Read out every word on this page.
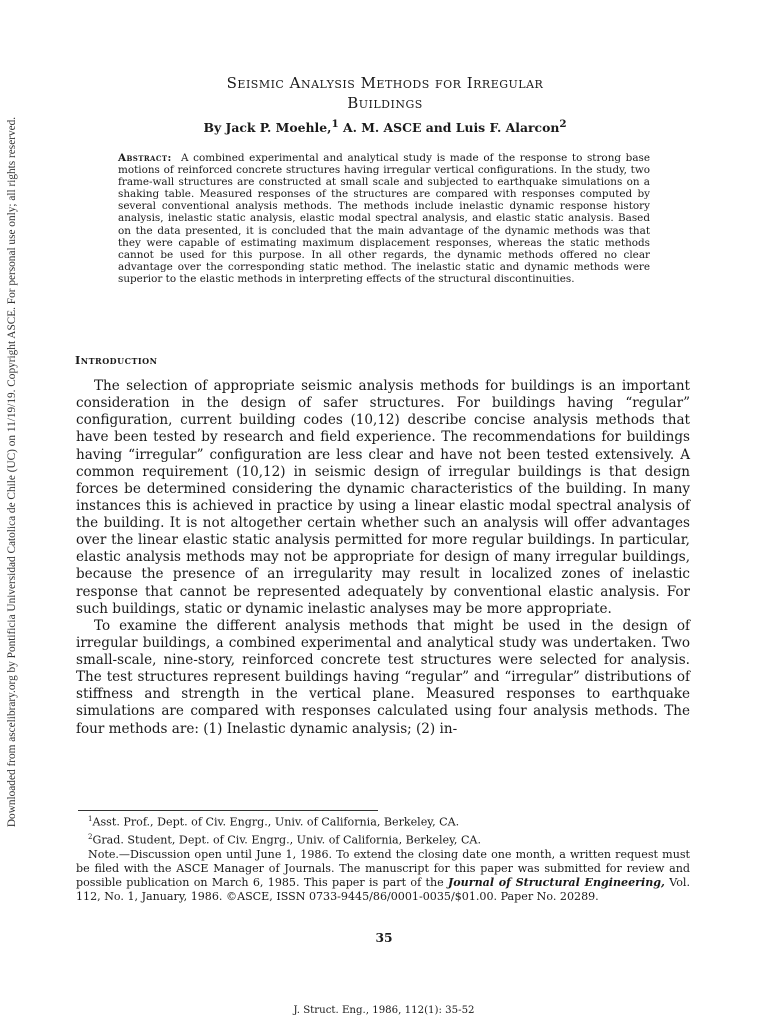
Downloaded from ascelibrary.org by Pontificia Universidad Catolica de Chile (UC) on 11/19/19. Copyright ASCE. For personal use only; all rights reserved.
Seismic Analysis Methods for Irregular
Buildings
By Jack P. Moehle,$^1$ A. M. ASCE and Luis F. Alarcon$^2$
Abstract: A combined experimental and analytical study is made of the response to strong base motions of reinforced concrete structures having irregular vertical configurations. In the study, two frame-wall structures are constructed at small scale and subjected to earthquake simulations on a shaking table. Measured responses of the structures are compared with responses computed by several conventional analysis methods. The methods include inelastic dynamic response history analysis, inelastic static analysis, elastic modal spectral analysis, and elastic static analysis. Based on the data presented, it is concluded that the main advantage of the dynamic methods was that they were capable of estimating maximum displacement responses, whereas the static methods cannot be used for this purpose. In all other regards, the dynamic methods offered no clear advantage over the corresponding static method. The inelastic static and dynamic methods were superior to the elastic methods in interpreting effects of the structural discontinuities.
Introduction

The selection of appropriate seismic analysis methods for buildings is an important consideration in the design of safer structures. For buildings having “regular” configuration, current building codes (10,12) describe concise analysis methods that have been tested by research and field experience. The recommendations for buildings having “irregular” configuration are less clear and have not been tested extensively. A common requirement (10,12) in seismic design of irregular buildings is that design forces be determined considering the dynamic characteristics of the building. In many instances this is achieved in practice by using a linear elastic modal spectral analysis of the building. It is not altogether certain whether such an analysis will offer advantages over the linear elastic static analysis permitted for more regular buildings. In particular, elastic analysis methods may not be appropriate for design of many irregular buildings, because the presence of an irregularity may result in localized zones of inelastic response that cannot be represented adequately by conventional elastic analysis. For such buildings, static or dynamic inelastic analyses may be more appropriate.

To examine the different analysis methods that might be used in the design of irregular buildings, a combined experimental and analytical study was undertaken. Two small-scale, nine-story, reinforced concrete test structures were selected for analysis. The test structures represent buildings having “regular” and “irregular” distributions of stiffness and strength in the vertical plane. Measured responses to earthquake simulations are compared with responses calculated using four analysis methods. The four methods are: (1) Inelastic dynamic analysis; (2) in-

$^1$Asst. Prof., Dept. of Civ. Engrg., Univ. of California, Berkeley, CA.
$^2$Grad. Student, Dept. of Civ. Engrg., Univ. of California, Berkeley, CA.
Note.—Discussion open until June 1, 1986. To extend the closing date one month, a written request must be filed with the ASCE Manager of Journals. The manuscript for this paper was submitted for review and possible publication on March 6, 1985. This paper is part of the Journal of Structural Engineering, Vol. 112, No. 1, January, 1986. ©ASCE, ISSN 0733-9445/86/0001-0035/$01.00. Paper No. 20289.
35
J. Struct. Eng., 1986, 112(1): 35-52
